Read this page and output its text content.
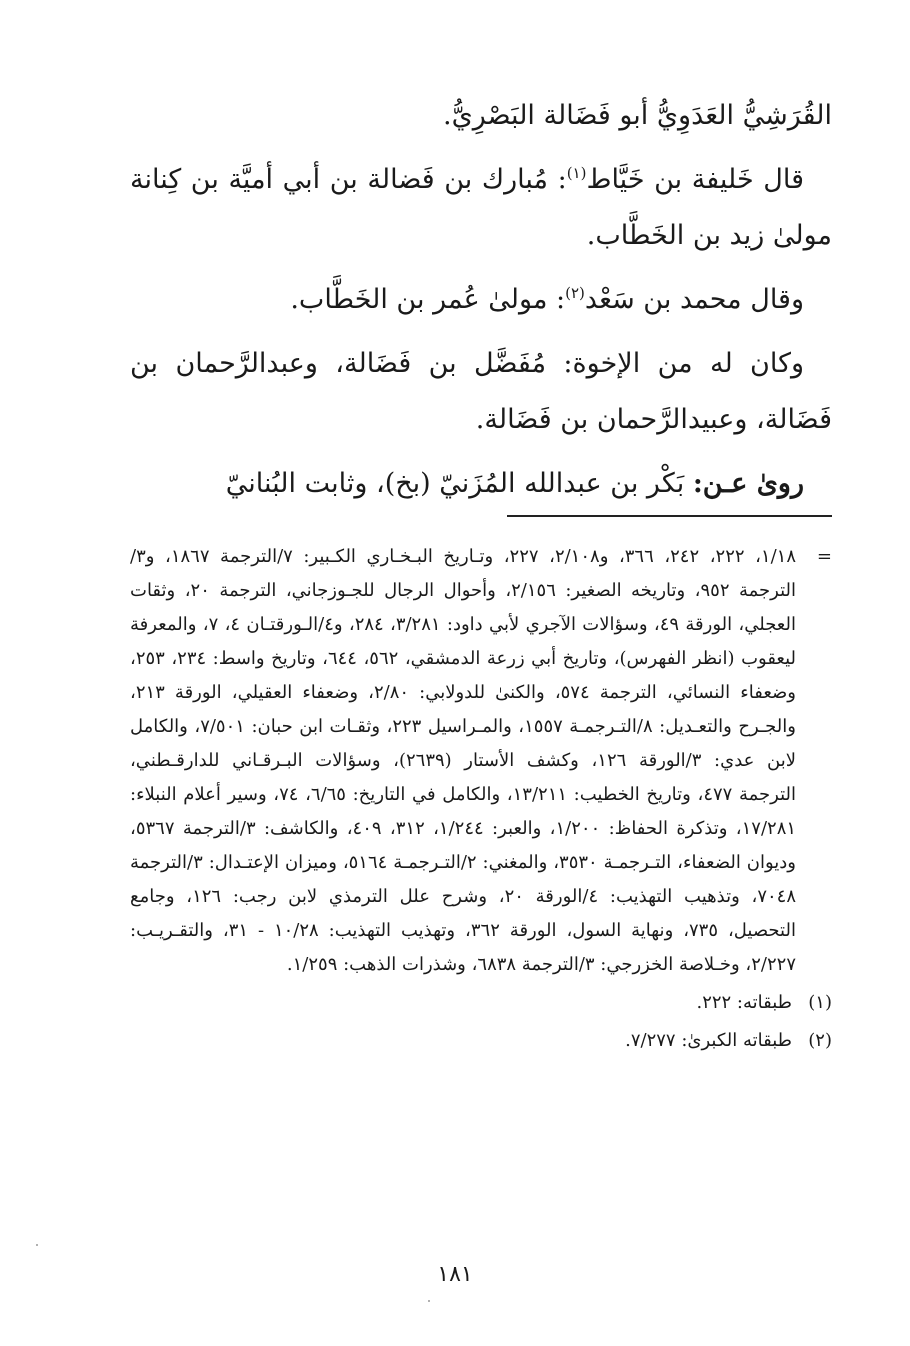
القُرَشِيُّ العَدَوِيُّ أبو فَضَالة البَصْرِيُّ.

قال خَليفة بن خَيَّاط$^{(١)}$: مُبارك بن فَضالة بن أبي أميَّة بن كِنانة مولىٰ زيد بن الخَطَّاب.

وقال محمد بن سَعْد$^{(٢)}$: مولىٰ عُمر بن الخَطَّاب.

وكان له من الإخوة: مُفَضَّل بن فَضَالة، وعبدالرَّحمان بن فَضَالة، وعبيدالرَّحمان بن فَضَالة.

روىٰ عـن: بَكْر بن عبدالله المُزَنيّ (بخ)، وثابت البُنانيّ

=
١/١٨، ٢٢٢، ٢٤٢، ٣٦٦، و٢/١٠٨، ٢٢٧، وتـاريخ البـخـاري الكـبير: ٧/الترجمة ١٨٦٧، و٣/الترجمة ٩٥٢، وتاريخه الصغير: ٢/١٥٦، وأحوال الرجال للجـوزجاني، الترجمة ٢٠، وثقات العجلي، الورقة ٤٩، وسؤالات الآجري لأبي داود: ٣/٢٨١، ٢٨٤، و٤/الـورقتـان ٤، ٧، والمعرفة ليعقوب (انظر الفهرس)، وتاريخ أبي زرعة الدمشقي، ٥٦٢، ٦٤٤، وتاريخ واسط: ٢٣٤، ٢٥٣، وضعفاء النسائي، الترجمة ٥٧٤، والكنىٰ للدولابي: ٢/٨٠، وضعفاء العقيلي، الورقة ٢١٣، والجـرح والتعـديل: ٨/التـرجمـة ١٥٥٧، والمـراسيل ٢٢٣، وثقـات ابن حبان: ٧/٥٠١، والكامل لابن عدي: ٣/الورقة ١٢٦، وكشف الأستار (٢٦٣٩)، وسؤالات البـرقـاني للدارقـطني، الترجمة ٤٧٧، وتاريخ الخطيب: ١٣/٢١١، والكامل في التاريخ: ٦/٦٥، ٧٤، وسير أعلام النبلاء: ١٧/٢٨١، وتذكرة الحفاظ: ١/٢٠٠، والعبر: ١/٢٤٤، ٣١٢، ٤٠٩، والكاشف: ٣/الترجمة ٥٣٦٧، وديوان الضعفاء، التـرجمـة ٣٥٣٠، والمغني: ٢/التـرجمـة ٥١٦٤، وميزان الإعتـدال: ٣/الترجمة ٧٠٤٨، وتذهيب التهذيب: ٤/الورقة ٢٠، وشرح علل الترمذي لابن رجب: ١٢٦، وجامع التحصيل، ٧٣٥، ونهاية السول، الورقة ٣٦٢، وتهذيب التهذيب: ١٠/٢٨ - ٣١، والتقـريـب: ٢/٢٢٧، وخـلاصة الخزرجي: ٣/الترجمة ٦٨٣٨، وشذرات الذهب: ١/٢٥٩.

(١)
طبقاته: ٢٢٢.
(٢)
طبقاته الكبرىٰ: ٧/٢٧٧.
١٨١
